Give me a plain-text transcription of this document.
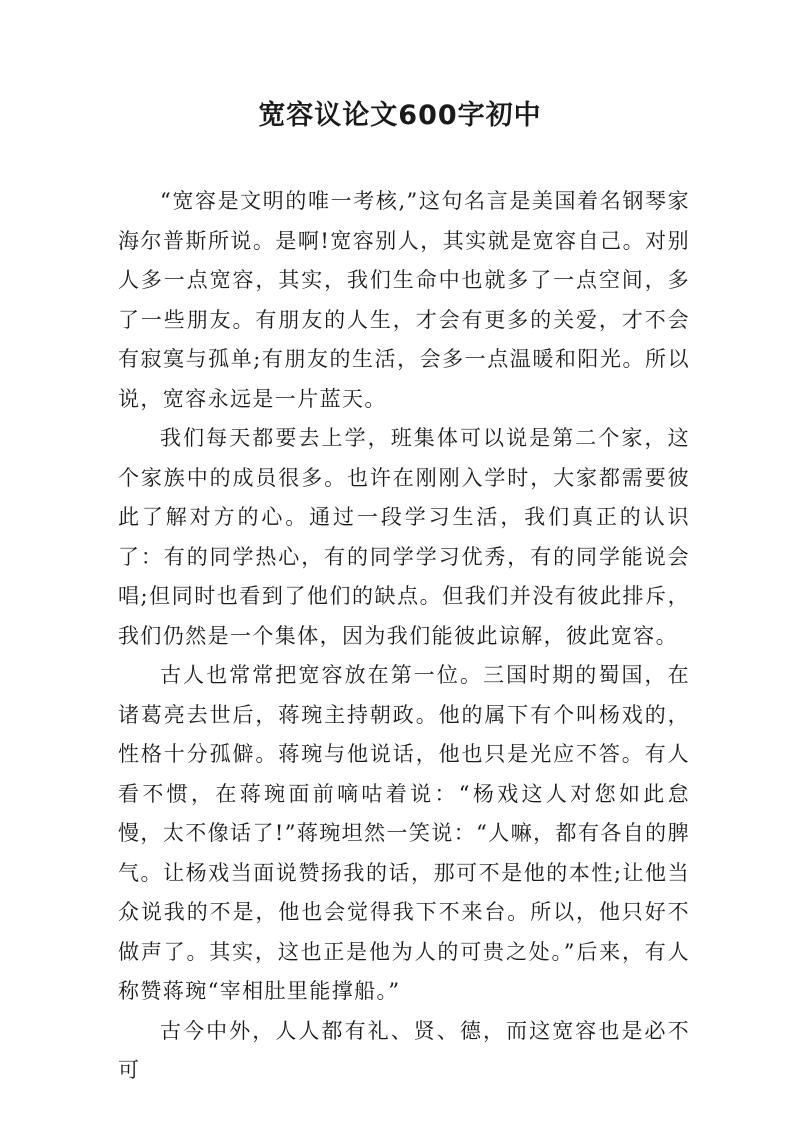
宽容议论文600字初中

“宽容是文明的唯一考核,”这句名言是美国着名钢琴家海尔普斯所说。是啊!宽容别人，其实就是宽容自己。对别人多一点宽容，其实，我们生命中也就多了一点空间，多了一些朋友。有朋友的人生，才会有更多的关爱，才不会有寂寞与孤单;有朋友的生活，会多一点温暖和阳光。所以说，宽容永远是一片蓝天。

我们每天都要去上学，班集体可以说是第二个家，这个家族中的成员很多。也许在刚刚入学时，大家都需要彼此了解对方的心。通过一段学习生活，我们真正的认识了：有的同学热心，有的同学学习优秀，有的同学能说会唱;但同时也看到了他们的缺点。但我们并没有彼此排斥，我们仍然是一个集体，因为我们能彼此谅解，彼此宽容。

古人也常常把宽容放在第一位。三国时期的蜀国，在诸葛亮去世后，蒋琬主持朝政。他的属下有个叫杨戏的，性格十分孤僻。蒋琬与他说话，他也只是光应不答。有人看不惯，在蒋琬面前嘀咕着说：“杨戏这人对您如此怠慢，太不像话了!”蒋琬坦然一笑说：“人嘛，都有各自的脾气。让杨戏当面说赞扬我的话，那可不是他的本性;让他当众说我的不是，他也会觉得我下不来台。所以，他只好不做声了。其实，这也正是他为人的可贵之处。”后来，有人称赞蒋琬“宰相肚里能撑船。”

古今中外，人人都有礼、贤、德，而这宽容也是必不可
